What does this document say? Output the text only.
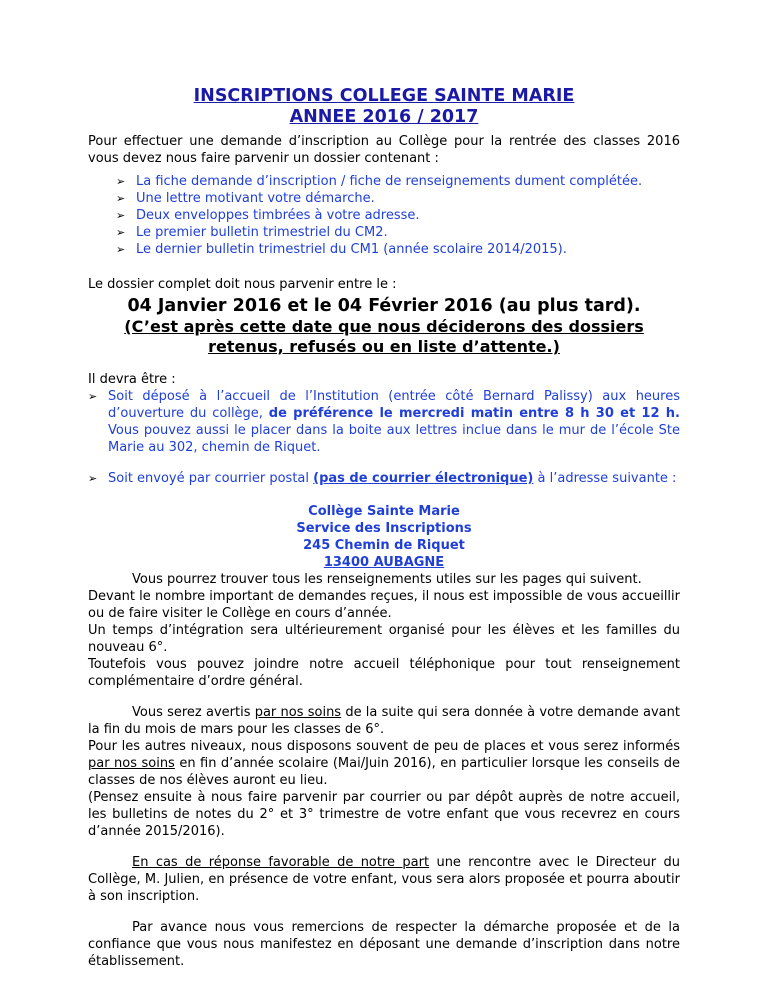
INSCRIPTIONS COLLEGE SAINTE MARIE
ANNEE 2016 / 2017

Pour effectuer une demande d’inscription au Collège pour la rentrée des classes 2016 vous devez nous faire parvenir un dossier contenant :

➢ La fiche demande d’inscription / fiche de renseignements dument complétée.
➢ Une lettre motivant votre démarche.
➢ Deux enveloppes timbrées à votre adresse.
➢ Le premier bulletin trimestriel du CM2.
➢ Le dernier bulletin trimestriel du CM1 (année scolaire 2014/2015).

Le dossier complet doit nous parvenir entre le :

04 Janvier 2016 et le 04 Février 2016 (au plus tard).
(C’est après cette date que nous déciderons des dossiers retenus, refusés ou en liste d’attente.)

Il devra être :

➢ Soit déposé à l’accueil de l’Institution (entrée côté Bernard Palissy) aux heures d’ouverture du collège, de préférence le mercredi matin entre 8 h 30 et 12 h. Vous pouvez aussi le placer dans la boite aux lettres inclue dans le mur de l’école Ste Marie au 302, chemin de Riquet.
➢ Soit envoyé par courrier postal (pas de courrier électronique) à l’adresse suivante :
Collège Sainte Marie
Service des Inscriptions
245 Chemin de Riquet
13400 AUBAGNE

Vous pourrez trouver tous les renseignements utiles sur les pages qui suivent.

Devant le nombre important de demandes reçues, il nous est impossible de vous accueillir ou de faire visiter le Collège en cours d’année.

Un temps d’intégration sera ultérieurement organisé pour les élèves et les familles du nouveau 6°.

Toutefois vous pouvez joindre notre accueil téléphonique pour tout renseignement complémentaire d’ordre général.

Vous serez avertis par nos soins de la suite qui sera donnée à votre demande avant la fin du mois de mars pour les classes de 6°.

Pour les autres niveaux, nous disposons souvent de peu de places et vous serez informés par nos soins en fin d’année scolaire (Mai/Juin 2016), en particulier lorsque les conseils de classes de nos élèves auront eu lieu.

(Pensez ensuite à nous faire parvenir par courrier ou par dépôt auprès de notre accueil, les bulletins de notes du 2° et 3° trimestre de votre enfant que vous recevrez en cours d’année 2015/2016).

En cas de réponse favorable de notre part une rencontre avec le Directeur du Collège, M. Julien, en présence de votre enfant, vous sera alors proposée et pourra aboutir à son inscription.

Par avance nous vous remercions de respecter la démarche proposée et de la confiance que vous nous manifestez en déposant une demande d’inscription dans notre établissement.
